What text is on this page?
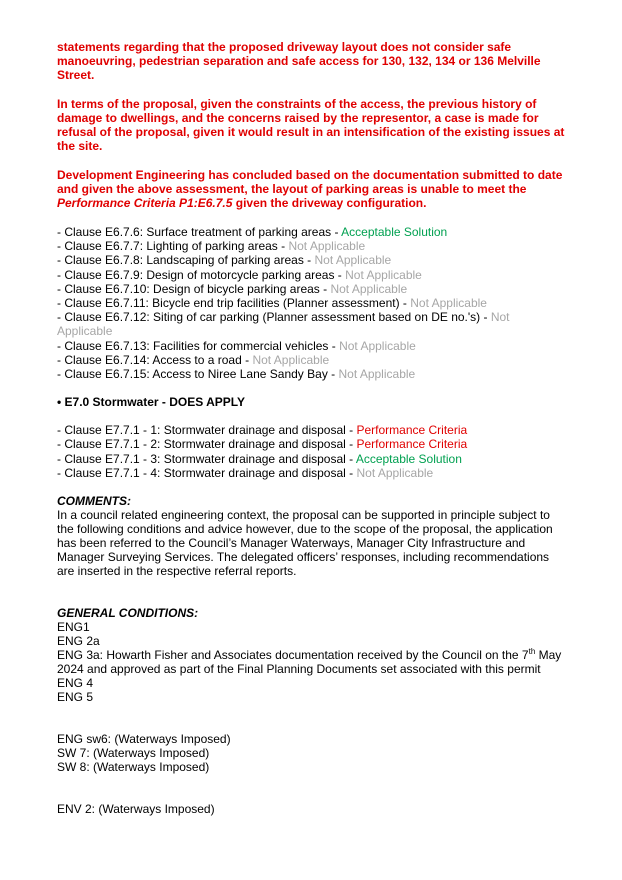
statements regarding that the proposed driveway layout does not consider safe manoeuvring, pedestrian separation and safe access for 130, 132, 134 or 136 Melville Street.

In terms of the proposal, given the constraints of the access, the previous history of damage to dwellings, and the concerns raised by the representor, a case is made for refusal of the proposal, given it would result in an intensification of the existing issues at the site.

Development Engineering has concluded based on the documentation submitted to date and given the above assessment, the layout of parking areas is unable to meet the Performance Criteria P1:E6.7.5 given the driveway configuration.

- Clause E6.7.6: Surface treatment of parking areas - Acceptable Solution
- Clause E6.7.7: Lighting of parking areas - Not Applicable
- Clause E6.7.8: Landscaping of parking areas - Not Applicable
- Clause E6.7.9: Design of motorcycle parking areas - Not Applicable
- Clause E6.7.10: Design of bicycle parking areas - Not Applicable
- Clause E6.7.11: Bicycle end trip facilities (Planner assessment) - Not Applicable
- Clause E6.7.12: Siting of car parking (Planner assessment based on DE no.'s) - Not Applicable
- Clause E6.7.13: Facilities for commercial vehicles - Not Applicable
- Clause E6.7.14: Access to a road - Not Applicable
- Clause E6.7.15: Access to Niree Lane Sandy Bay - Not Applicable
• E7.0 Stormwater - DOES APPLY
- Clause E7.7.1 - 1: Stormwater drainage and disposal - Performance Criteria
- Clause E7.7.1 - 2: Stormwater drainage and disposal - Performance Criteria
- Clause E7.7.1 - 3: Stormwater drainage and disposal - Acceptable Solution
- Clause E7.7.1 - 4: Stormwater drainage and disposal - Not Applicable
COMMENTS:
In a council related engineering context, the proposal can be supported in principle subject to the following conditions and advice however, due to the scope of the proposal, the application has been referred to the Council’s Manager Waterways, Manager City Infrastructure and Manager Surveying Services. The delegated officers’ responses, including recommendations are inserted in the respective referral reports.
GENERAL CONDITIONS:
ENG1
ENG 2a
ENG 3a: Howarth Fisher and Associates documentation received by the Council on the 7th May 2024 and approved as part of the Final Planning Documents set associated with this permit
ENG 4
ENG 5
ENG sw6: (Waterways Imposed)
SW 7: (Waterways Imposed)
SW 8: (Waterways Imposed)
ENV 2: (Waterways Imposed)
